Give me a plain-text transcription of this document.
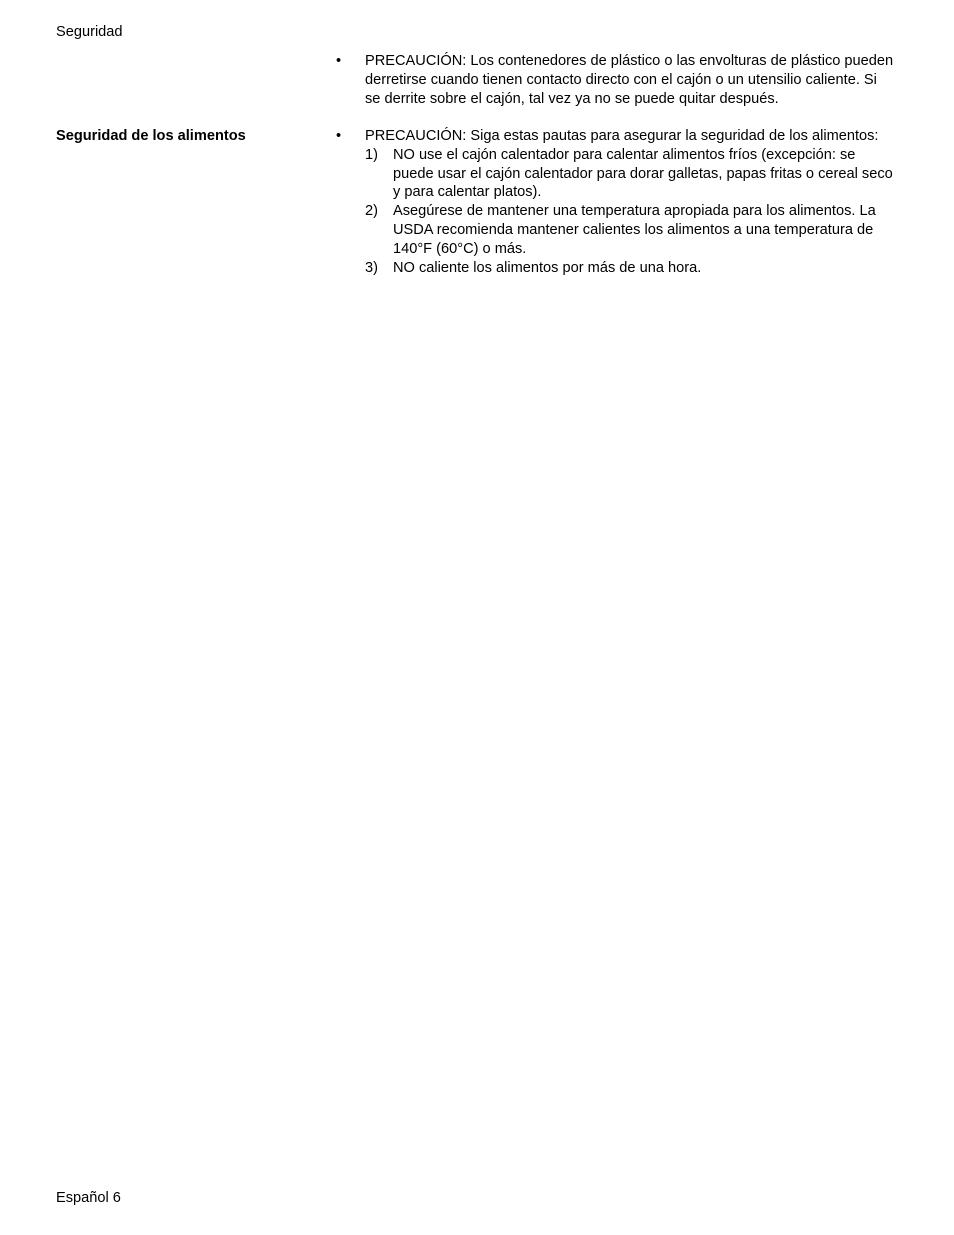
Seguridad
• PRECAUCIÓN: Los contenedores de plástico o las envolturas de plástico pueden derretirse cuando tienen contacto directo con el cajón o un utensilio caliente. Si se derrite sobre el cajón, tal vez ya no se puede quitar después.
Seguridad de los alimentos	• PRECAUCIÓN: Siga estas pautas para asegurar la seguridad de los alimentos:
1) NO use el cajón calentador para calentar alimentos fríos (excepción: se puede usar el cajón calentador para dorar galletas, papas fritas o cereal seco y para calentar platos).
2) Asegúrese de mantener una temperatura apropiada para los alimentos. La USDA recomienda mantener calientes los alimentos a una temperatura de 140°F (60°C) o más.
3) NO caliente los alimentos por más de una hora.
Español 6
